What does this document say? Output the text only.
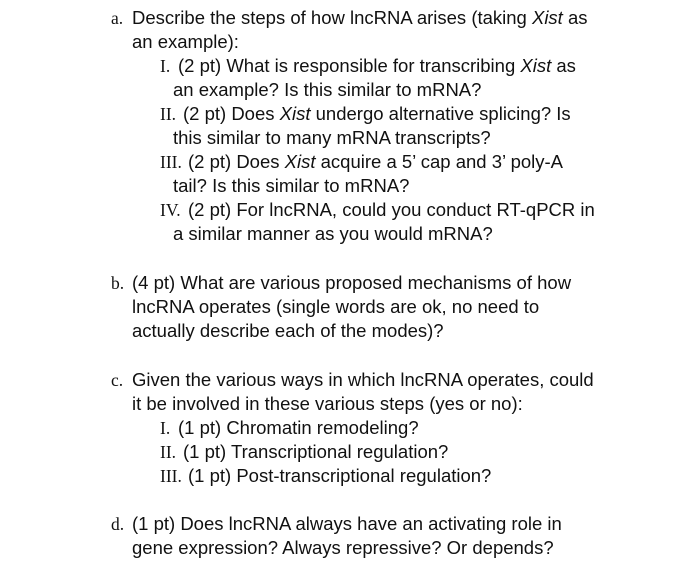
a. Describe the steps of how lncRNA arises (taking Xist as
an example):
I. (2 pt) What is responsible for transcribing Xist as
an example? Is this similar to mRNA?
II. (2 pt) Does Xist undergo alternative splicing? Is
this similar to many mRNA transcripts?
III. (2 pt) Does Xist acquire a 5’ cap and 3’ poly-A
tail? Is this similar to mRNA?
IV. (2 pt) For lncRNA, could you conduct RT-qPCR in
a similar manner as you would mRNA?
b. (4 pt) What are various proposed mechanisms of how
lncRNA operates (single words are ok, no need to
actually describe each of the modes)?
c. Given the various ways in which lncRNA operates, could
it be involved in these various steps (yes or no):
I. (1 pt) Chromatin remodeling?
II. (1 pt) Transcriptional regulation?
III. (1 pt) Post-transcriptional regulation?
d. (1 pt) Does lncRNA always have an activating role in
gene expression? Always repressive? Or depends?
